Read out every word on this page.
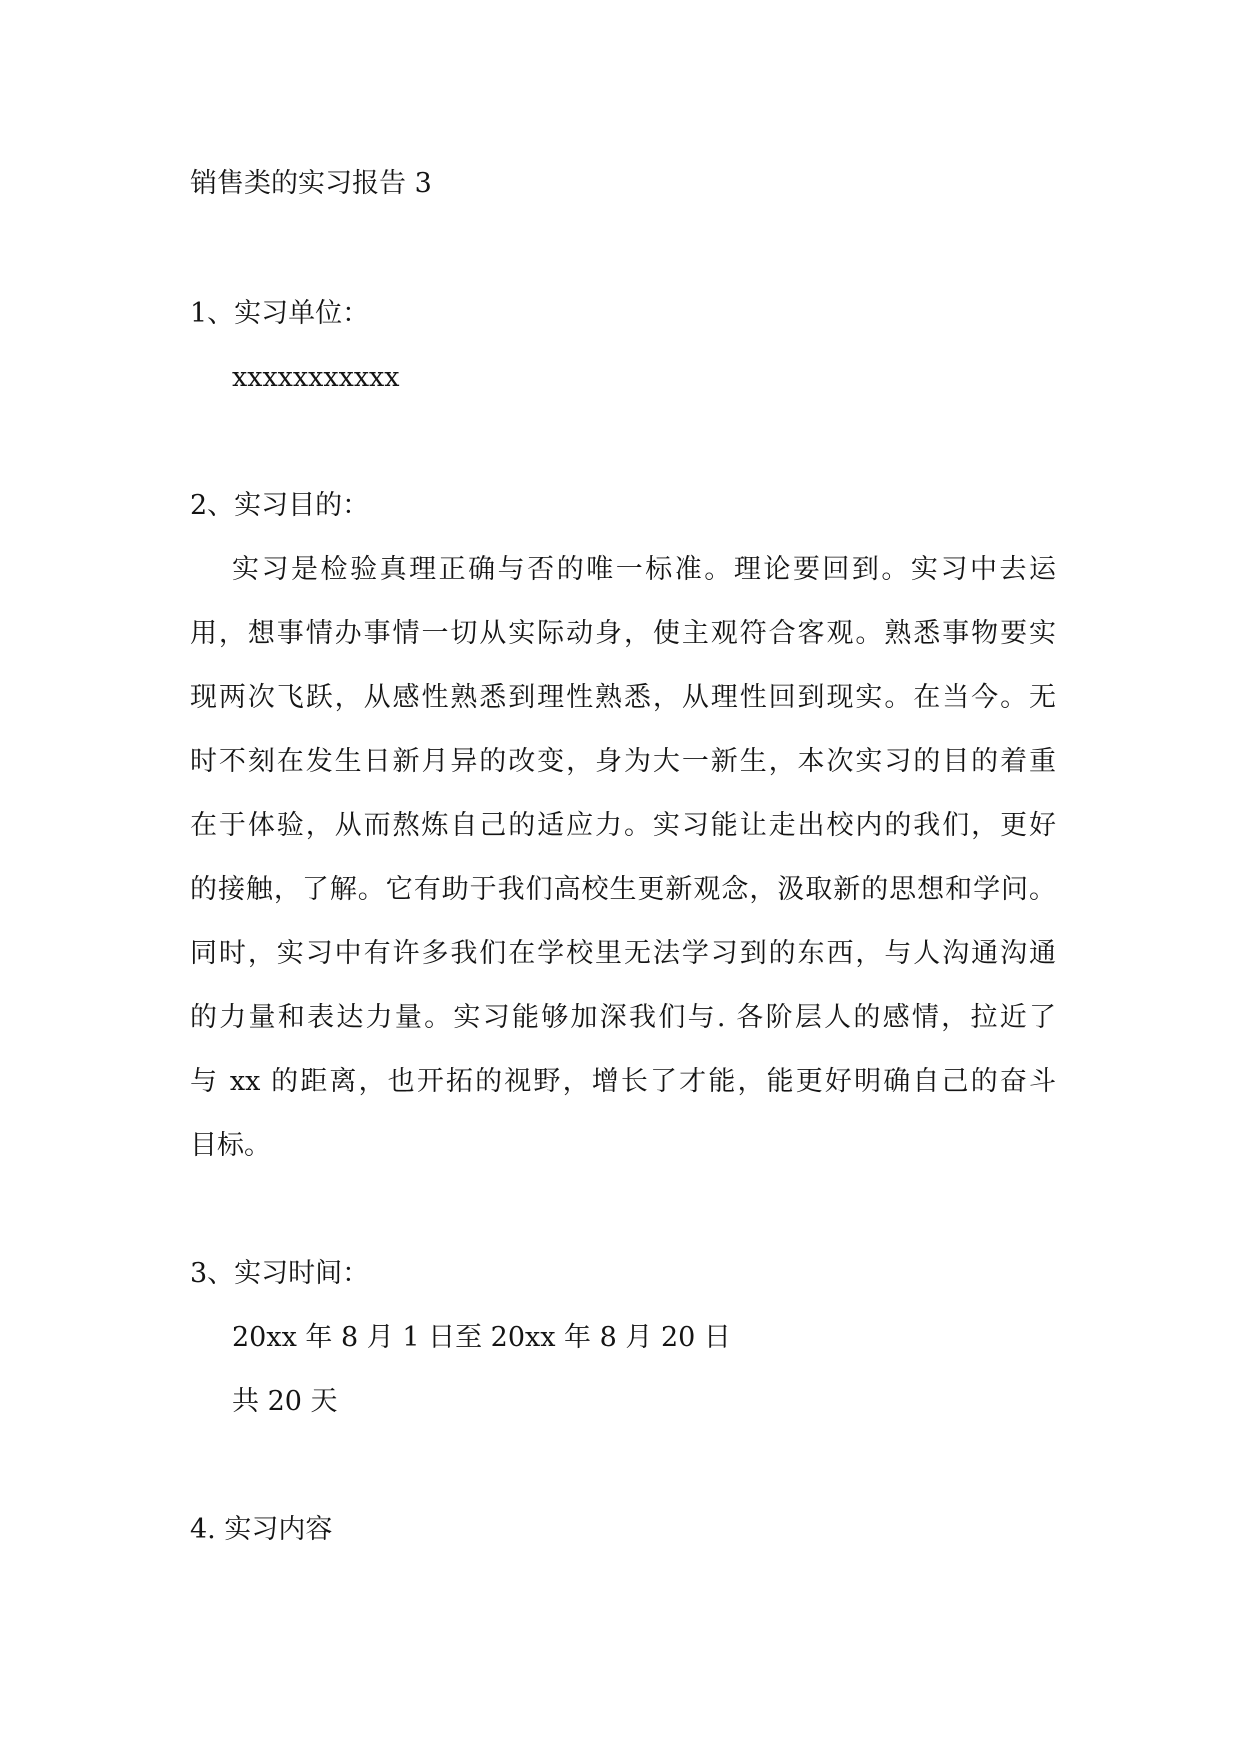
销售类的实习报告 3
1、实习单位：
xxxxxxxxxxx
2、实习目的：
实习是检验真理正确与否的唯一标准。理论要回到。实习中去运
用，想事情办事情一切从实际动身，使主观符合客观。熟悉事物要实
现两次飞跃，从感性熟悉到理性熟悉，从理性回到现实。在当今。无
时不刻在发生日新月异的改变，身为大一新生，本次实习的目的着重
在于体验，从而熬炼自己的适应力。实习能让走出校内的我们，更好
的接触，了解。它有助于我们高校生更新观念，汲取新的思想和学问。
同时，实习中有许多我们在学校里无法学习到的东西，与人沟通沟通
的力量和表达力量。实习能够加深我们与. 各阶层人的感情，拉近了
与 xx 的距离，也开拓的视野，增长了才能，能更好明确自己的奋斗
目标。
3、实习时间：
20xx 年 8 月 1 日至 20xx 年 8 月 20 日
共 20 天
4. 实习内容
